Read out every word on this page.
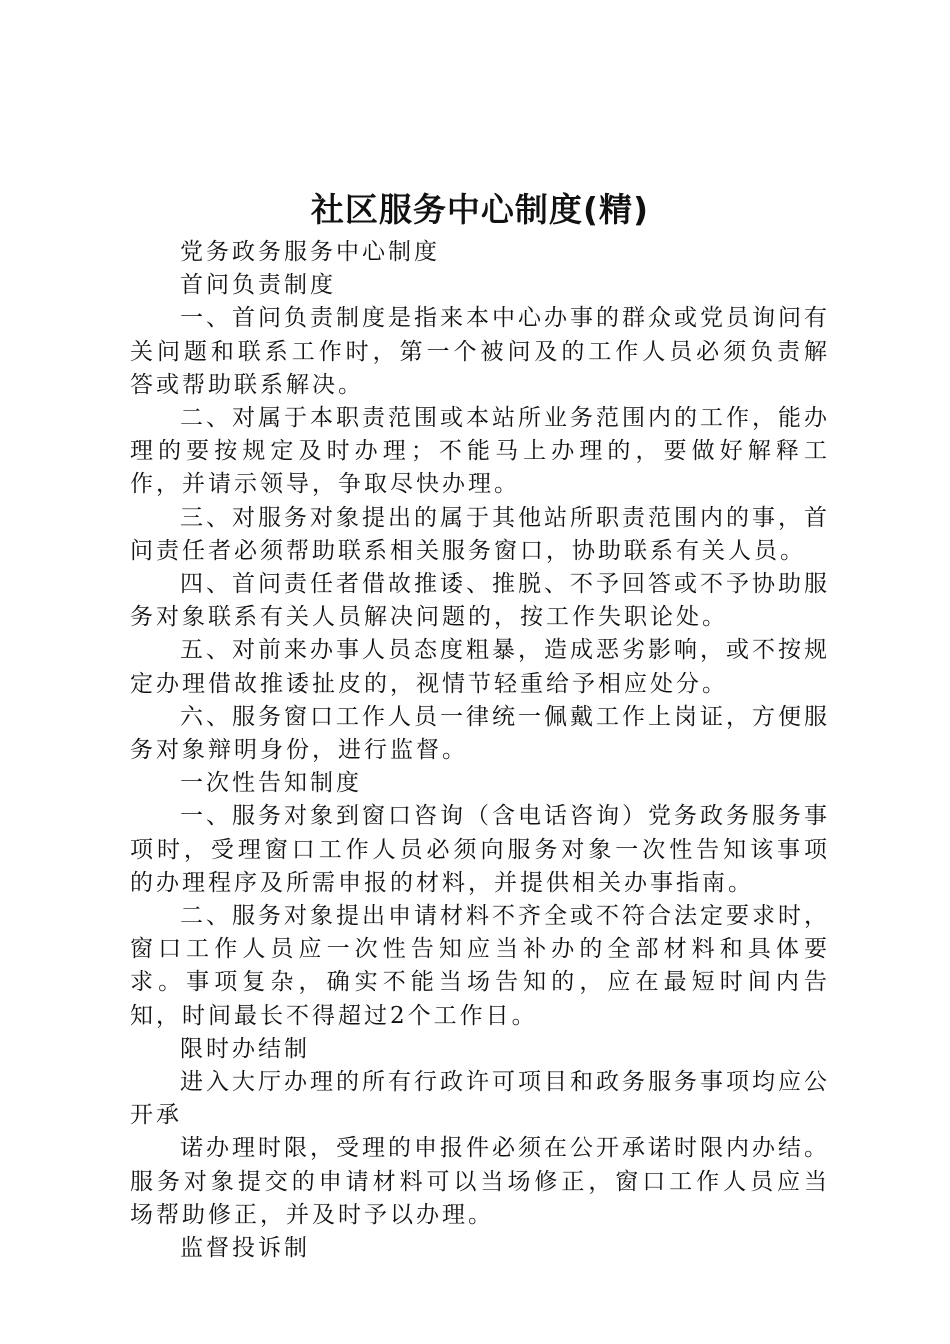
社区服务中心制度(精)

党务政务服务中心制度

首问负责制度

一、首问负责制度是指来本中心办事的群众或党员询问有关问题和联系工作时，第一个被问及的工作人员必须负责解答或帮助联系解决。

二、对属于本职责范围或本站所业务范围内的工作，能办理的要按规定及时办理；不能马上办理的，要做好解释工作，并请示领导，争取尽快办理。

三、对服务对象提出的属于其他站所职责范围内的事，首问责任者必须帮助联系相关服务窗口，协助联系有关人员。

四、首问责任者借故推诿、推脱、不予回答或不予协助服务对象联系有关人员解决问题的，按工作失职论处。

五、对前来办事人员态度粗暴，造成恶劣影响，或不按规定办理借故推诿扯皮的，视情节轻重给予相应处分。

六、服务窗口工作人员一律统一佩戴工作上岗证，方便服务对象辩明身份，进行监督。

一次性告知制度

一、服务对象到窗口咨询（含电话咨询）党务政务服务事项时，受理窗口工作人员必须向服务对象一次性告知该事项的办理程序及所需申报的材料，并提供相关办事指南。

二、服务对象提出申请材料不齐全或不符合法定要求时，窗口工作人员应一次性告知应当补办的全部材料和具体要求。事项复杂，确实不能当场告知的，应在最短时间内告知，时间最长不得超过2个工作日。

限时办结制

进入大厅办理的所有行政许可项目和政务服务事项均应公开承

诺办理时限，受理的申报件必须在公开承诺时限内办结。服务对象提交的申请材料可以当场修正，窗口工作人员应当场帮助修正，并及时予以办理。

监督投诉制
